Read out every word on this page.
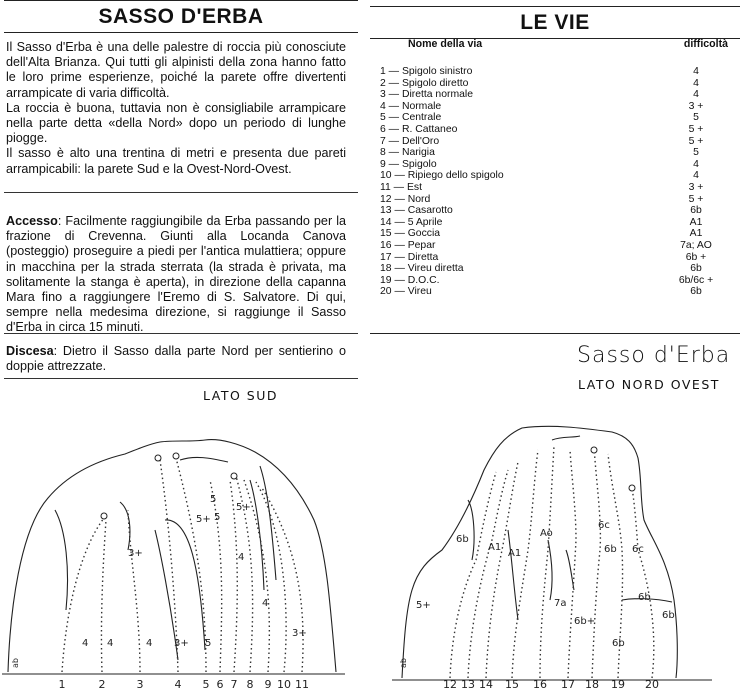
SASSO D'ERBA

Il Sasso d'Erba è una delle palestre di roccia più conosciute dell'Alta Brianza. Qui tutti gli alpinisti della zona hanno fatto le loro prime esperienze, poiché la parete offre divertenti arrampicate di varia difficoltà.

La roccia è buona, tuttavia non è consigliabile arrampicare nella parte detta «della Nord» dopo un periodo di lunghe piogge.

Il sasso è alto una trentina di metri e presenta due pareti arrampicabili: la parete Sud e la Ovest-Nord-Ovest.

Accesso: Facilmente raggiungibile da Erba passando per la frazione di Crevenna. Giunti alla Locanda Canova (posteggio) proseguire a piedi per l'antica mulattiera; oppure in macchina per la strada sterrata (la strada è privata, ma solitamente la stanga è aperta), in direzione della capanna Mara fino a raggiungere l'Eremo di S. Salvatore. Di qui, sempre nella medesima direzione, si raggiunge il Sasso d'Erba in circa 15 minuti.

Discesa: Dietro il Sasso dalla parte Nord per sentierino o doppie attrezzate.

LE VIE
Nome della via	difficoltà
1 — Spigolo sinistro	4
2 — Spigolo diretto	4
3 — Diretta normale	4
4 — Normale	3 +
5 — Centrale	5
6 — R. Cattaneo	5 +
7 — Dell'Oro	5 +
8 — Narigia	5
9 — Spigolo	4
10 — Ripiego dello spigolo	4
11 — Est	3 +
12 — Nord	5 +
13 — Casarotto	6b
14 — 5 Aprile	A1
15 — Goccia	A1
16 — Pepar	7a; AO
17 — Diretta	6b +
18 — Vireu diretta	6b
19 — D.O.C.	6b/6c +
20 — Vireu	6b
Sasso d'Erba
LATO NORD OVEST
LATO SUD
4 4	4 3+ 5
3+
5+
5
5
5+
4
4
3+
ab
1	2	3	4 5 6 7 8 9 10 11
6b
A1
A1
Ao
5+	7a
6b+
6c
6b 6c
6b
6b
6b
ab
12 13 14 15 16 17 18 19 20
